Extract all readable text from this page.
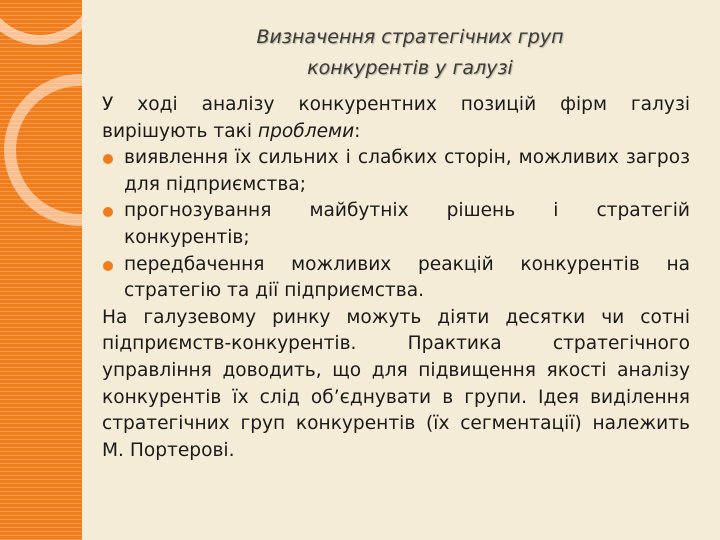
Визначення стратегічних груп
конкурентів у галузі

У ході аналізу конкурентних позицій фірм галузі вирішують такі проблеми:

виявлення їх сильних і слабких сторін, можливих загроз для підприємства;
прогнозування майбутніх рішень і стратегій конкурентів;
передбачення можливих реакцій конкурентів на стратегію та дії підприємства.

На галузевому ринку можуть діяти десятки чи сотні підприємств-конкурентів. Практика стратегічного управління доводить, що для підвищення якості аналізу конкурентів їх слід об’єднувати в групи. Ідея виділення стратегічних груп конкурентів (їх сегментації) належить М. Портерові.
